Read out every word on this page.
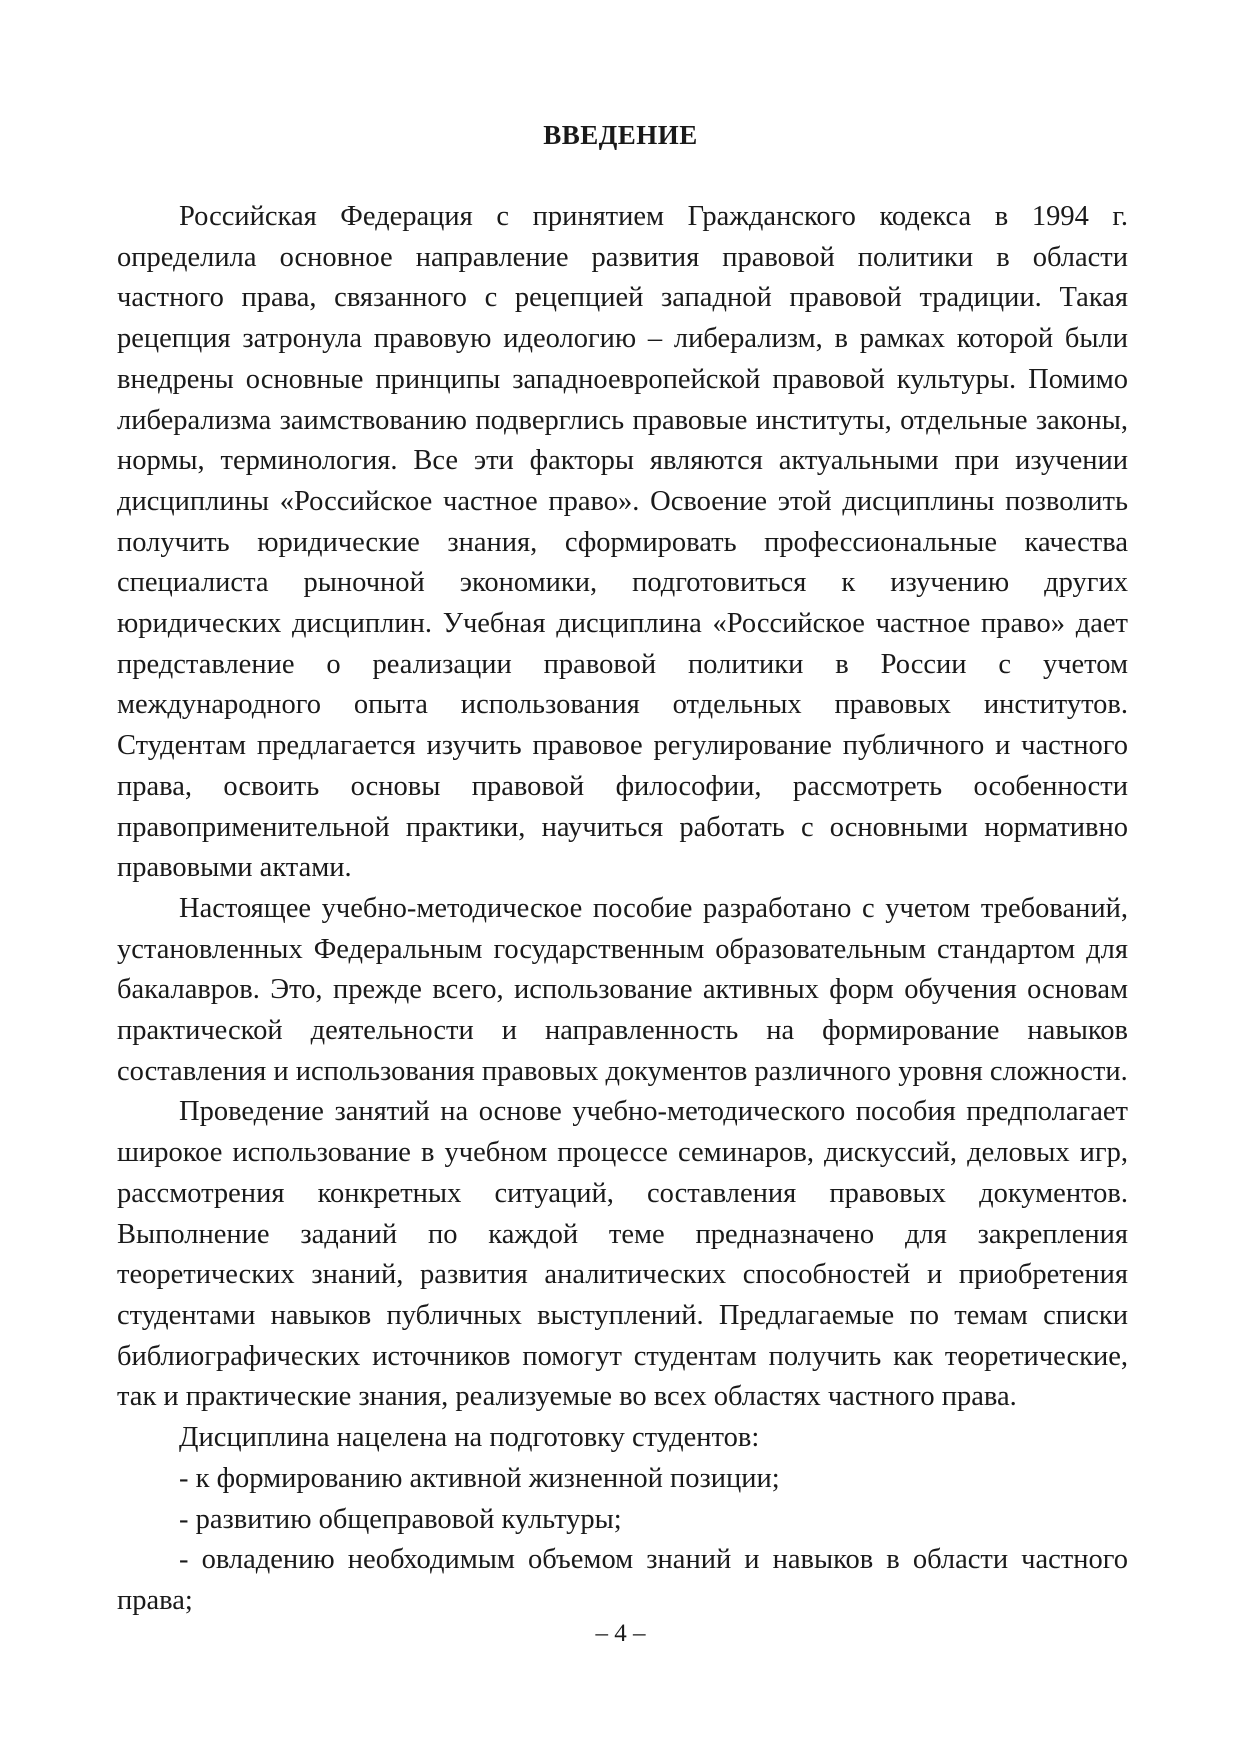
ВВЕДЕНИЕ

Российская Федерация с принятием Гражданского кодекса в 1994 г. определила основное направление развития правовой политики в области частного права, связанного с рецепцией западной правовой традиции. Такая рецепция затронула правовую идеологию – либерализм, в рамках которой были внедрены основные принципы западноевропейской правовой культуры. Помимо либерализма заимствованию подверглись правовые институты, отдельные законы, нормы, терминология. Все эти факторы являются актуальными при изучении дисциплины «Российское частное право». Освоение этой дисциплины позволить получить юридические знания, сформировать профессиональные качества специалиста рыночной экономики, подготовиться к изучению других юридических дисциплин. Учебная дисциплина «Российское частное право» дает представление о реализации правовой политики в России с учетом международного опыта использования отдельных правовых институтов. Студентам предлагается изучить правовое регулирование публичного и частного права, освоить основы правовой философии, рассмотреть особенности правоприменительной практики, научиться работать с основными нормативно правовыми актами.

Настоящее учебно-методическое пособие разработано с учетом требований, установленных Федеральным государственным образовательным стандартом для бакалавров. Это, прежде всего, использование активных форм обучения основам практической деятельности и направленность на формирование навыков составления и использования правовых документов различного уровня сложности.

Проведение занятий на основе учебно-методического пособия предполагает широкое использование в учебном процессе семинаров, дискуссий, деловых игр, рассмотрения конкретных ситуаций, составления правовых документов. Выполнение заданий по каждой теме предназначено для закрепления теоретических знаний, развития аналитических способностей и приобретения студентами навыков публичных выступлений. Предлагаемые по темам списки библиографических источников помогут студентам получить как теоретические, так и практические знания, реализуемые во всех областях частного права.

Дисциплина нацелена на подготовку студентов:

- к формированию активной жизненной позиции;

- развитию общеправовой культуры;

- овладению необходимым объемом знаний и навыков в области частного права;

– 4 –
